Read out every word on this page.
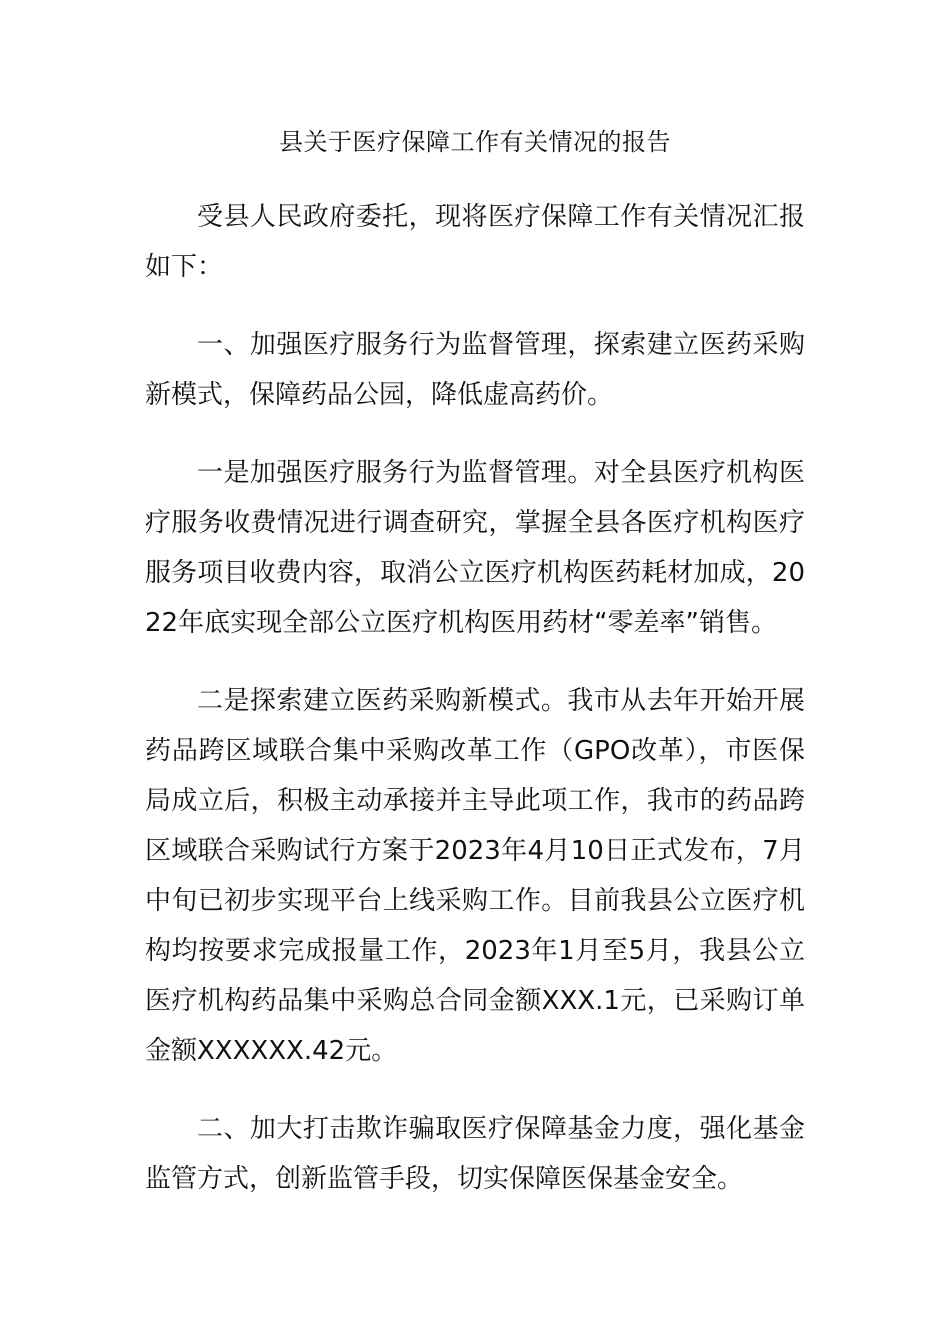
县关于医疗保障工作有关情况的报告

受县人民政府委托，现将医疗保障工作有关情况汇报如下：

一、加强医疗服务行为监督管理，探索建立医药采购新模式，保障药品公园，降低虚高药价。

一是加强医疗服务行为监督管理。对全县医疗机构医疗服务收费情况进行调查研究，掌握全县各医疗机构医疗服务项目收费内容，取消公立医疗机构医药耗材加成，2022年底实现全部公立医疗机构医用药材“零差率”销售。

二是探索建立医药采购新模式。我市从去年开始开展药品跨区域联合集中采购改革工作（GPO改革），市医保局成立后，积极主动承接并主导此项工作，我市的药品跨区域联合采购试行方案于2023年4月10日正式发布，7月中旬已初步实现平台上线采购工作。目前我县公立医疗机构均按要求完成报量工作，2023年1月至5月，我县公立医疗机构药品集中采购总合同金额XXX.1元，已采购订单金额XXXXXX.42元。

二、加大打击欺诈骗取医疗保障基金力度，强化基金监管方式，创新监管手段，切实保障医保基金安全。
